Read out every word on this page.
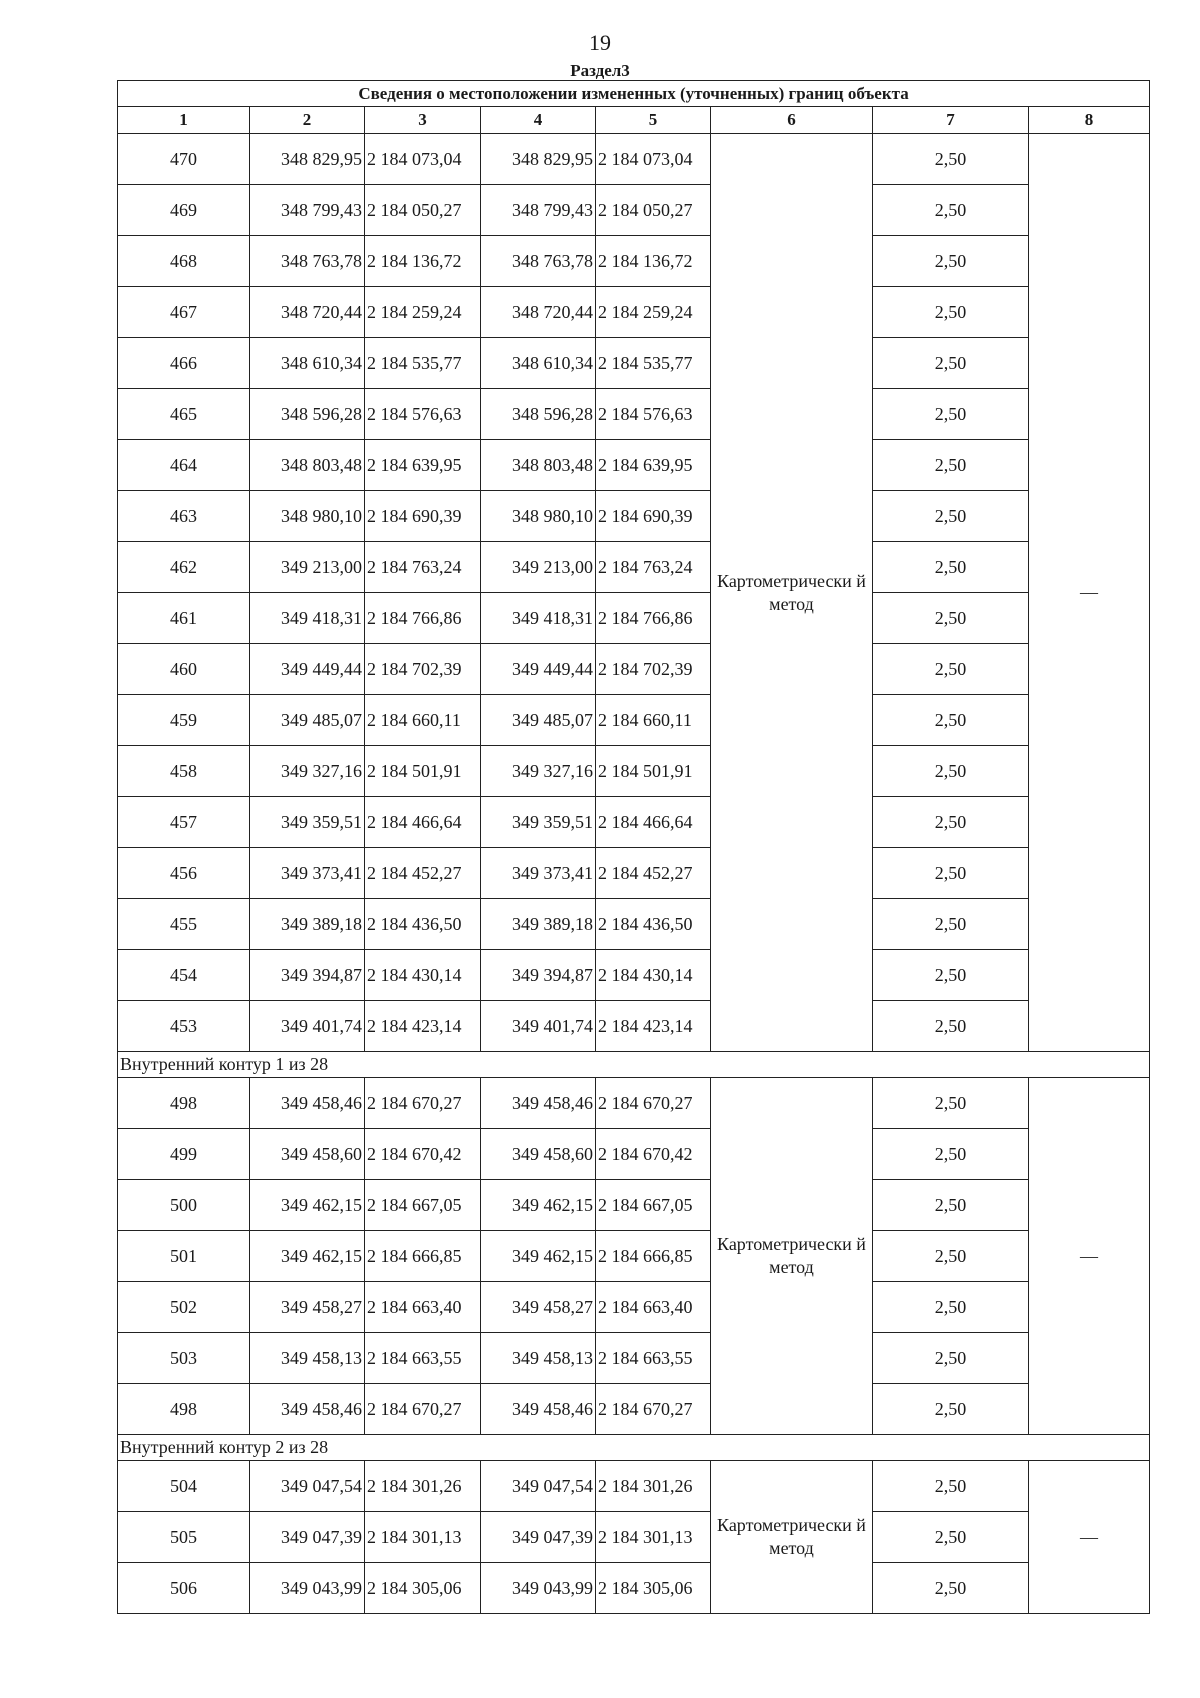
19
Раздел3
Сведения о местоположении измененных (уточненных) границ объекта							
1	2	3	4	5	6	7	8
470	348 829,95	2 184 073,04	348 829,95	2 184 073,04	Картометрически й метод	2,50	—
469	348 799,43	2 184 050,27	348 799,43	2 184 050,27		2,50	
468	348 763,78	2 184 136,72	348 763,78	2 184 136,72		2,50	
467	348 720,44	2 184 259,24	348 720,44	2 184 259,24		2,50	
466	348 610,34	2 184 535,77	348 610,34	2 184 535,77		2,50	
465	348 596,28	2 184 576,63	348 596,28	2 184 576,63		2,50	
464	348 803,48	2 184 639,95	348 803,48	2 184 639,95		2,50	
463	348 980,10	2 184 690,39	348 980,10	2 184 690,39		2,50	
462	349 213,00	2 184 763,24	349 213,00	2 184 763,24		2,50	
461	349 418,31	2 184 766,86	349 418,31	2 184 766,86		2,50	
460	349 449,44	2 184 702,39	349 449,44	2 184 702,39		2,50	
459	349 485,07	2 184 660,11	349 485,07	2 184 660,11		2,50	
458	349 327,16	2 184 501,91	349 327,16	2 184 501,91		2,50	
457	349 359,51	2 184 466,64	349 359,51	2 184 466,64		2,50	
456	349 373,41	2 184 452,27	349 373,41	2 184 452,27		2,50	
455	349 389,18	2 184 436,50	349 389,18	2 184 436,50		2,50	
454	349 394,87	2 184 430,14	349 394,87	2 184 430,14		2,50	
453	349 401,74	2 184 423,14	349 401,74	2 184 423,14		2,50	
Внутренний контур 1 из 28							
498	349 458,46	2 184 670,27	349 458,46	2 184 670,27	Картометрически й метод	2,50	—
499	349 458,60	2 184 670,42	349 458,60	2 184 670,42		2,50	
500	349 462,15	2 184 667,05	349 462,15	2 184 667,05		2,50	
501	349 462,15	2 184 666,85	349 462,15	2 184 666,85		2,50	
502	349 458,27	2 184 663,40	349 458,27	2 184 663,40		2,50	
503	349 458,13	2 184 663,55	349 458,13	2 184 663,55		2,50	
498	349 458,46	2 184 670,27	349 458,46	2 184 670,27		2,50	
Внутренний контур 2 из 28							
504	349 047,54	2 184 301,26	349 047,54	2 184 301,26	Картометрически й метод	2,50	—
505	349 047,39	2 184 301,13	349 047,39	2 184 301,13		2,50	
506	349 043,99	2 184 305,06	349 043,99	2 184 305,06		2,50	
